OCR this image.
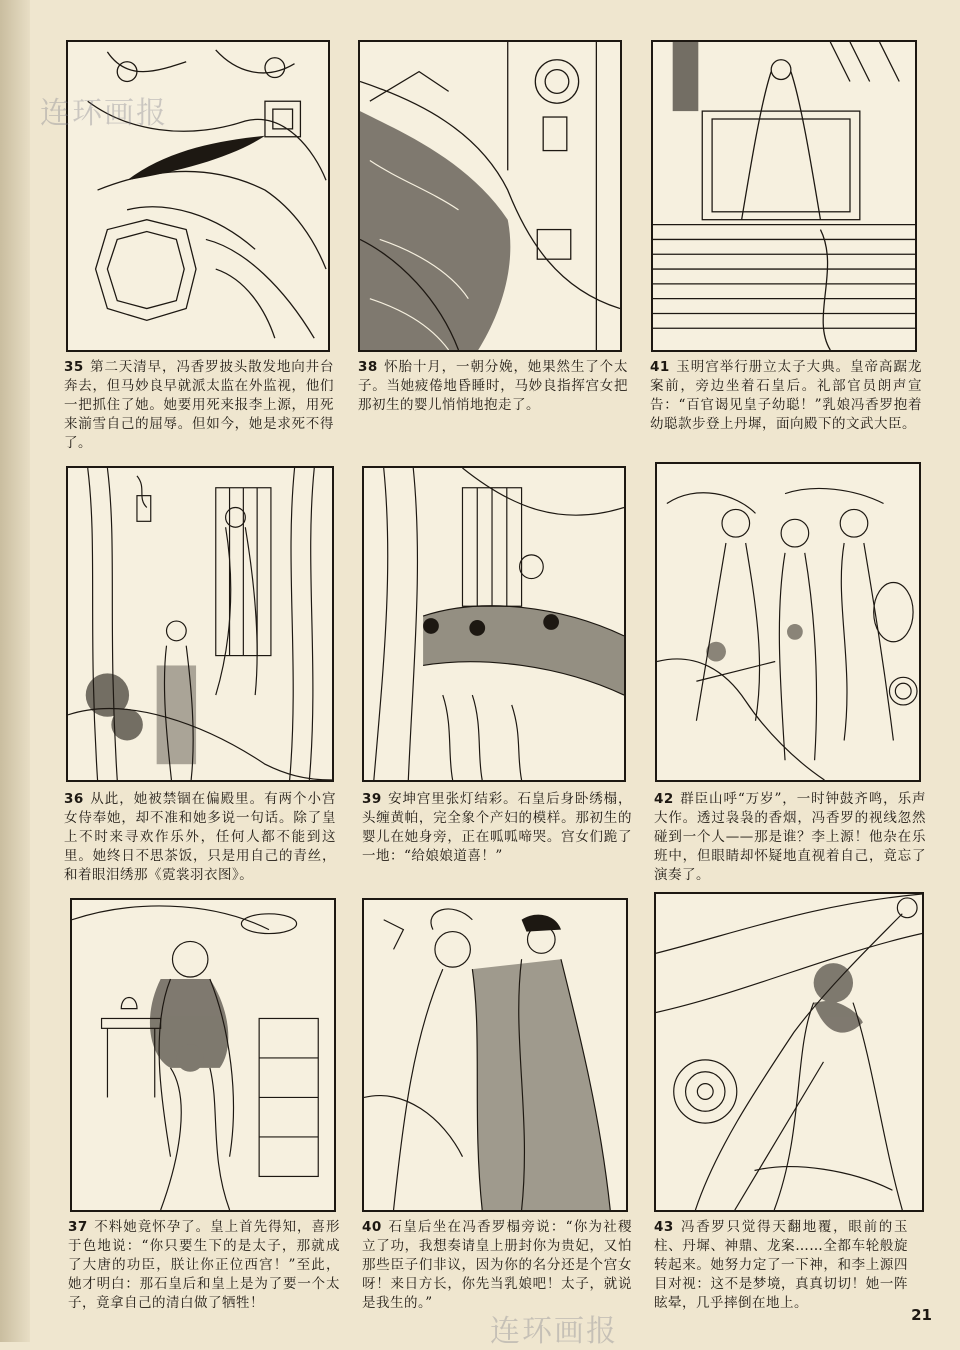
35 第二天清早，冯香罗披头散发地向井台奔去，但马妙良早就派太监在外监视，他们一把抓住了她。她要用死来报李上源，用死来湔雪自己的屈辱。但如今，她是求死不得了。

38 怀胎十月，一朝分娩，她果然生了个太子。当她疲倦地昏睡时，马妙良指挥宫女把那初生的婴儿悄悄地抱走了。

41 玉明宫举行册立太子大典。皇帝高踞龙案前，旁边坐着石皇后。礼部官员朗声宣告：“百官谒见皇子幼聪！”乳娘冯香罗抱着幼聪款步登上丹墀，面向殿下的文武大臣。

36 从此，她被禁锢在偏殿里。有两个小宫女侍奉她，却不准和她多说一句话。除了皇上不时来寻欢作乐外，任何人都不能到这里。她终日不思茶饭，只是用自己的青丝，和着眼泪绣那《霓裳羽衣图》。

39 安坤宫里张灯结彩。石皇后身卧绣榻，头缠黄帕，完全象个产妇的模样。那初生的婴儿在她身旁，正在呱呱啼哭。宫女们跪了一地：“给娘娘道喜！”

42 群臣山呼“万岁”，一时钟鼓齐鸣，乐声大作。透过袅袅的香烟，冯香罗的视线忽然碰到一个人——那是谁？李上源！他杂在乐班中，但眼睛却怀疑地直视着自己，竟忘了演奏了。

37 不料她竟怀孕了。皇上首先得知，喜形于色地说：“你只要生下的是太子，那就成了大唐的功臣，朕让你正位西宫！”至此，她才明白：那石皇后和皇上是为了要一个太子，竟拿自己的清白做了牺牲！

40 石皇后坐在冯香罗榻旁说：“你为社稷立了功，我想奏请皇上册封你为贵妃，又怕那些臣子们非议，因为你的名分还是个宫女呀！来日方长，你先当乳娘吧！太子，就说是我生的。”

43 冯香罗只觉得天翻地覆，眼前的玉柱、丹墀、神鼎、龙案……全都车轮般旋转起来。她努力定了一下神，和李上源四目对视：这不是梦境，真真切切！她一阵眩晕，几乎摔倒在地上。

21
连环画报
连环画报
